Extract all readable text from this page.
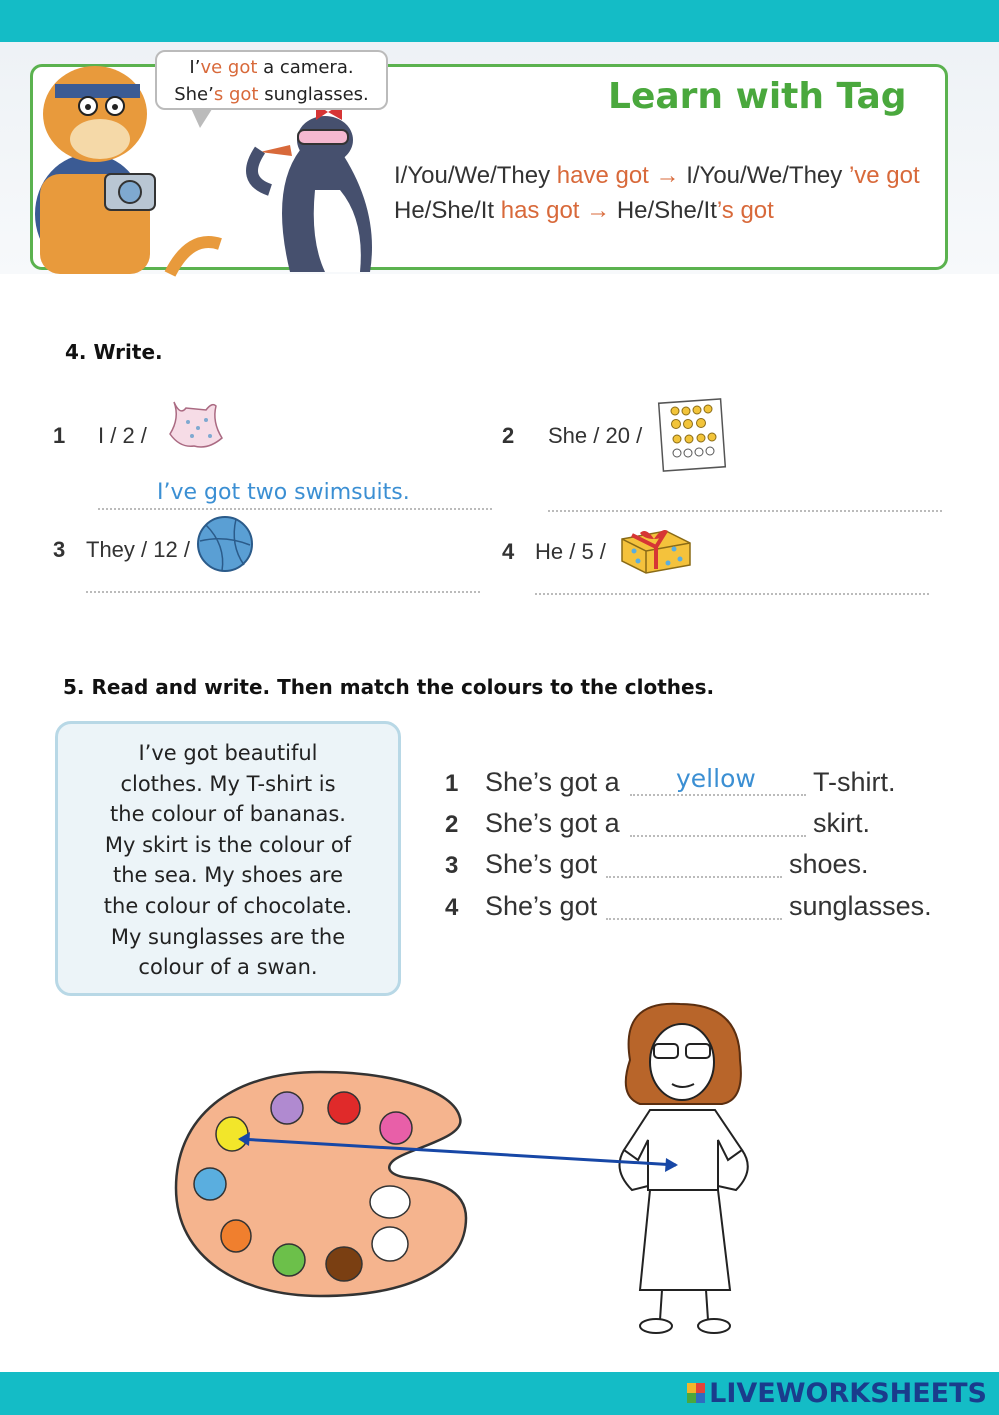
I’ve got a camera.
She’s got sunglasses.	Learn with Tag
I/You/We/They have got → I/You/We/They ’ve got
He/She/It has got → He/She/It’s got
4. Write.
1 I / 2 /
I’ve got two swimsuits.
2 She / 20 /
3 They / 12 /	4 He / 5 /
5. Read and write. Then match the colours to the clothes.
I’ve got beautiful
clothes. My T-shirt is
the colour of bananas.
My skirt is the colour of
the sea. My shoes are
the colour of chocolate.
My sunglasses are the
colour of a swan.
1 She’s got a yellow T-shirt.
2 She’s got a	skirt.
3 She’s got	shoes.
4 She’s got	sunglasses.
LIVEWORKSHEETS
